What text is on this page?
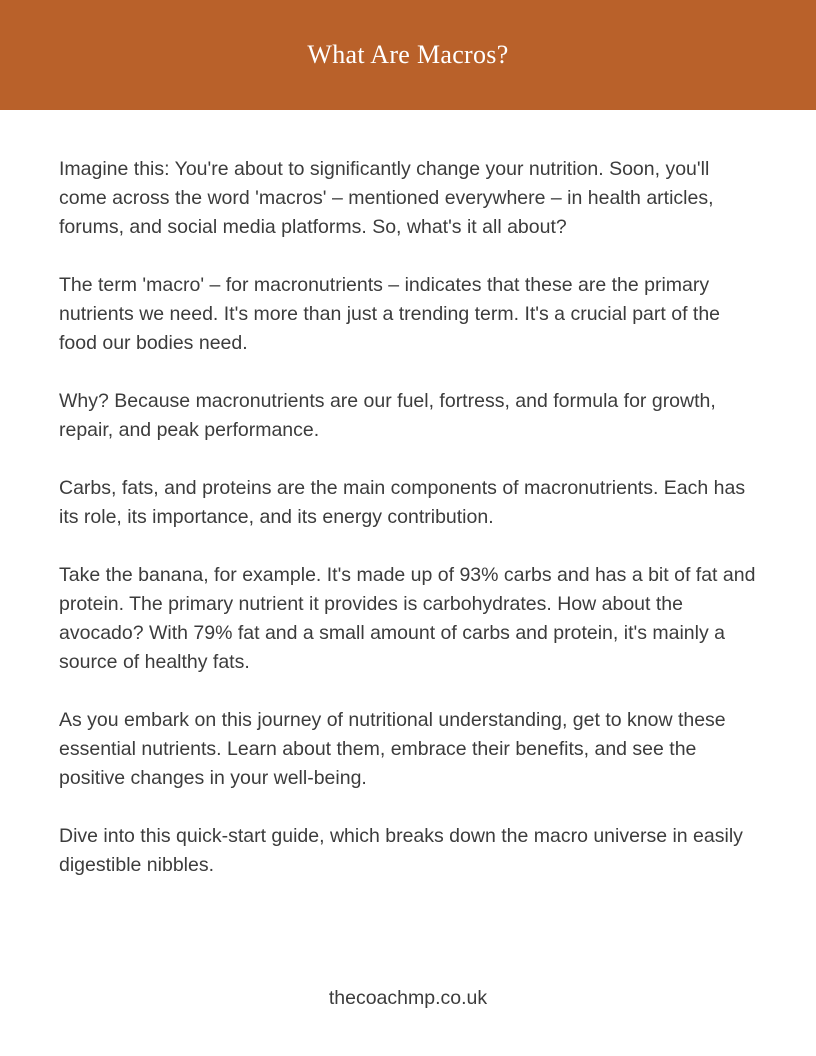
What Are Macros?

Imagine this: You're about to significantly change your nutrition. Soon, you'll come across the word 'macros' – mentioned everywhere – in health articles, forums, and social media platforms. So, what's it all about?

The term 'macro' – for macronutrients – indicates that these are the primary nutrients we need. It's more than just a trending term. It's a crucial part of the food our bodies need.

Why? Because macronutrients are our fuel, fortress, and formula for growth, repair, and peak performance.

Carbs, fats, and proteins are the main components of macronutrients. Each has its role, its importance, and its energy contribution.

Take the banana, for example. It's made up of 93% carbs and has a bit of fat and protein. The primary nutrient it provides is carbohydrates. How about the avocado? With 79% fat and a small amount of carbs and protein, it's mainly a source of healthy fats.

As you embark on this journey of nutritional understanding, get to know these essential nutrients. Learn about them, embrace their benefits, and see the positive changes in your well-being.

Dive into this quick-start guide, which breaks down the macro universe in easily digestible nibbles.

thecoachmp.co.uk
